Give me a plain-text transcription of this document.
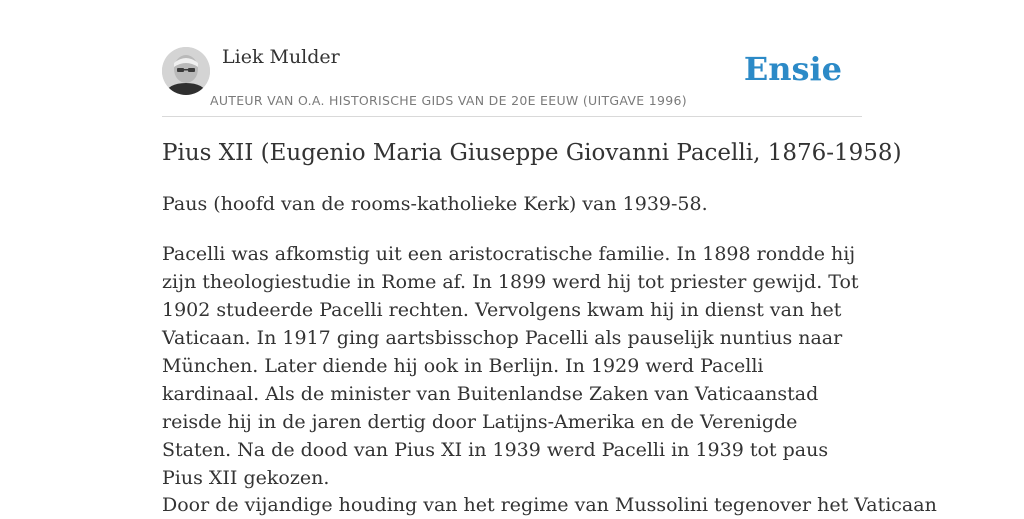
Liek Mulder
AUTEUR VAN O.A. HISTORISCHE GIDS VAN DE 20E EEUW (UITGAVE 1996)
Ensie
Pius XII (Eugenio Maria Giuseppe Giovanni Pacelli, 1876-1958)

Paus (hoofd van de rooms-katholieke Kerk) van 1939-58.

Pacelli was afkomstig uit een aristocratische familie. In 1898 rondde hij zijn theologiestudie in Rome af. In 1899 werd hij tot priester gewijd. Tot 1902 studeerde Pacelli rechten. Vervolgens kwam hij in dienst van het Vaticaan. In 1917 ging aartsbisschop Pacelli als pauselijk nuntius naar München. Later diende hij ook in Berlijn. In 1929 werd Pacelli kardinaal. Als de minister van Buitenlandse Zaken van Vaticaanstad reisde hij in de jaren dertig door Latijns-Amerika en de Verenigde Staten. Na de dood van Pius XI in 1939 werd Pacelli in 1939 tot paus Pius XII gekozen.

Door de vijandige houding van het regime van Mussolini tegenover het Vaticaan
